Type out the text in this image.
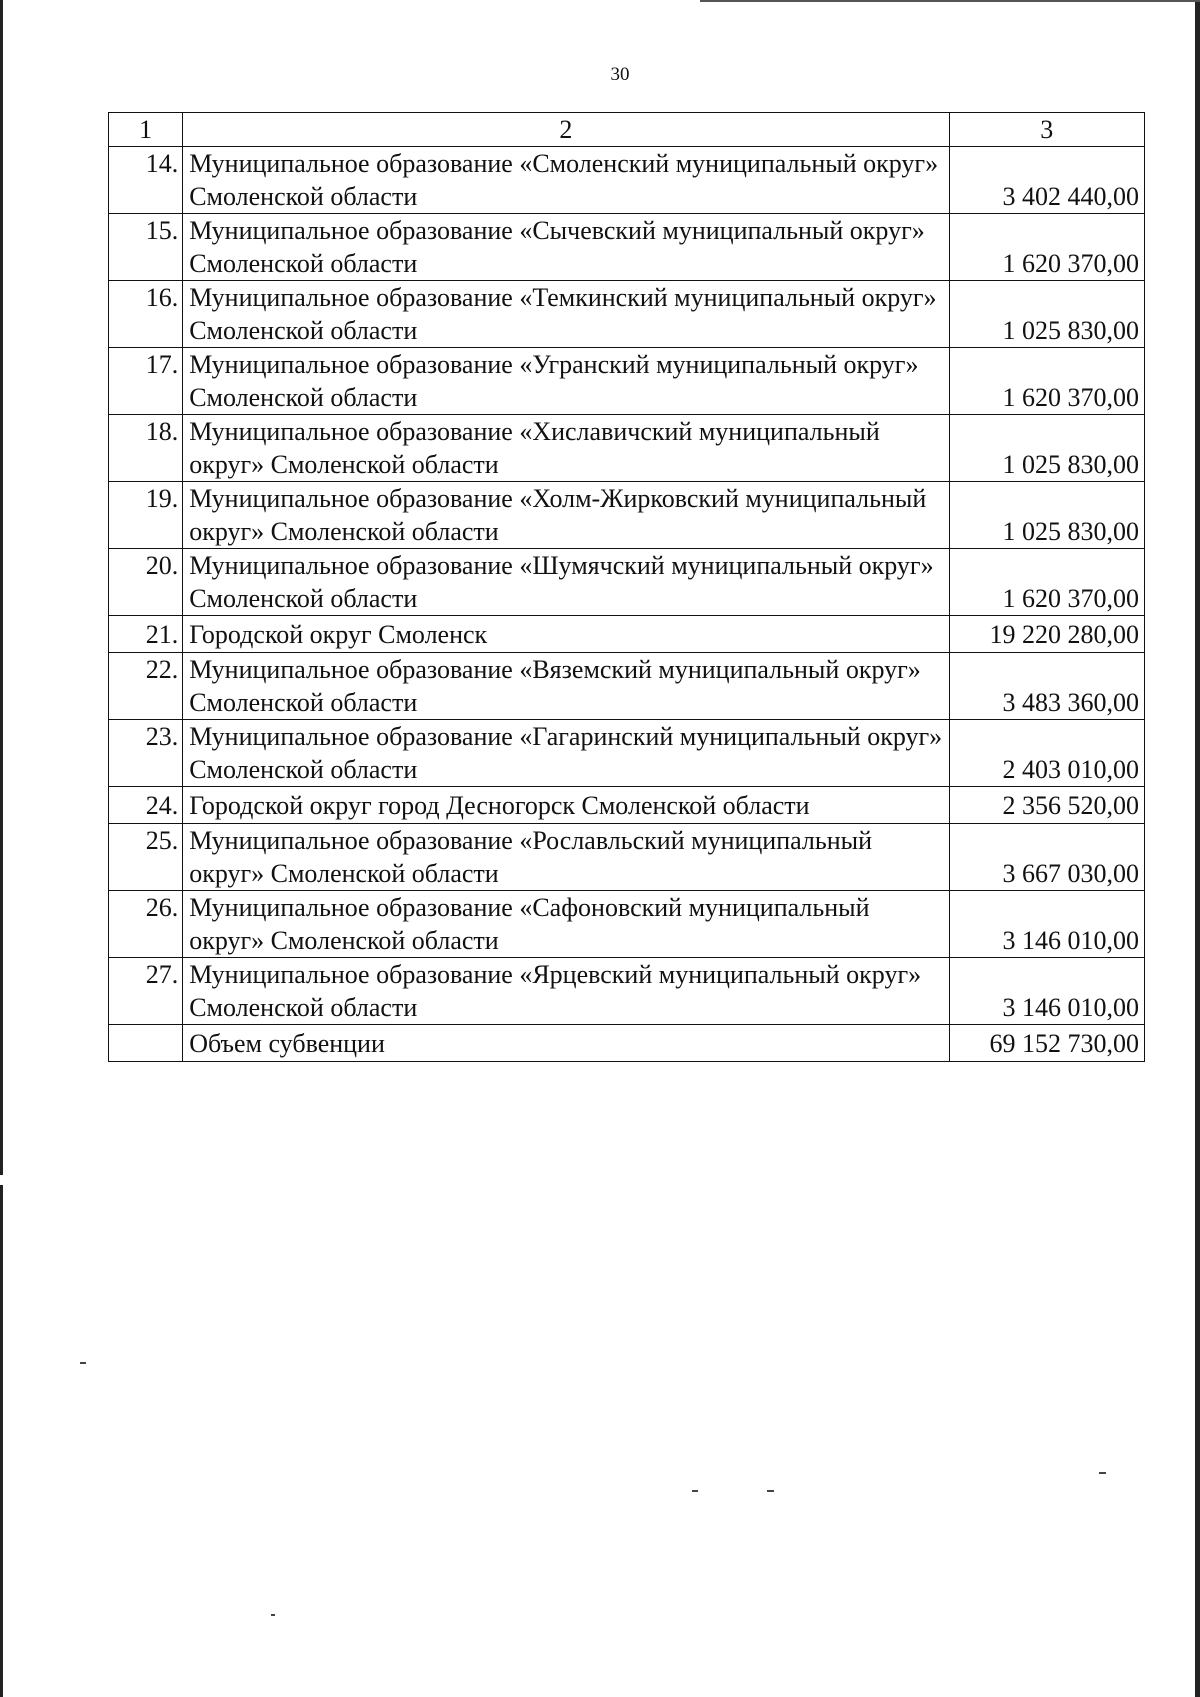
30
1	2	3
14.	Муниципальное образование «Смоленский муниципальный округ» Смоленской области	3 402 440,00
15.	Муниципальное образование «Сычевский муниципальный округ» Смоленской области	1 620 370,00
16.	Муниципальное образование «Темкинский муниципальный округ» Смоленской области	1 025 830,00
17.	Муниципальное образование «Угранский муниципальный округ» Смоленской области	1 620 370,00
18.	Муниципальное образование «Хиславичский муниципальный округ» Смоленской области	1 025 830,00
19.	Муниципальное образование «Холм-Жирковский муниципальный округ» Смоленской области	1 025 830,00
20.	Муниципальное образование «Шумячский муниципальный округ» Смоленской области	1 620 370,00
21.	Городской округ Смоленск	19 220 280,00
22.	Муниципальное образование «Вяземский муниципальный округ» Смоленской области	3 483 360,00
23.	Муниципальное образование «Гагаринский муниципальный округ» Смоленской области	2 403 010,00
24.	Городской округ город Десногорск Смоленской области	2 356 520,00
25.	Муниципальное образование «Рославльский муниципальный округ» Смоленской области	3 667 030,00
26.	Муниципальное образование «Сафоновский муниципальный округ» Смоленской области	3 146 010,00
27.	Муниципальное образование «Ярцевский муниципальный округ» Смоленской области	3 146 010,00
	Объем субвенции	69 152 730,00
